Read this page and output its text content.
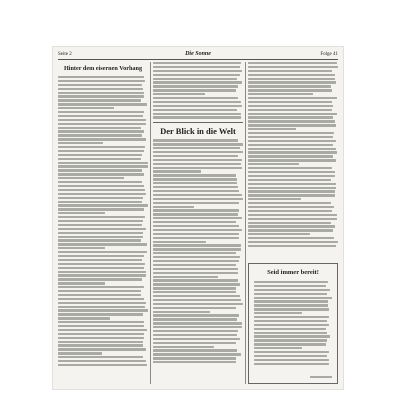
Seite 2	Die Sonne	Folge 41
Hinter dem eisernen Vorhang
Der Blick in die Welt
Seid immer bereit!
